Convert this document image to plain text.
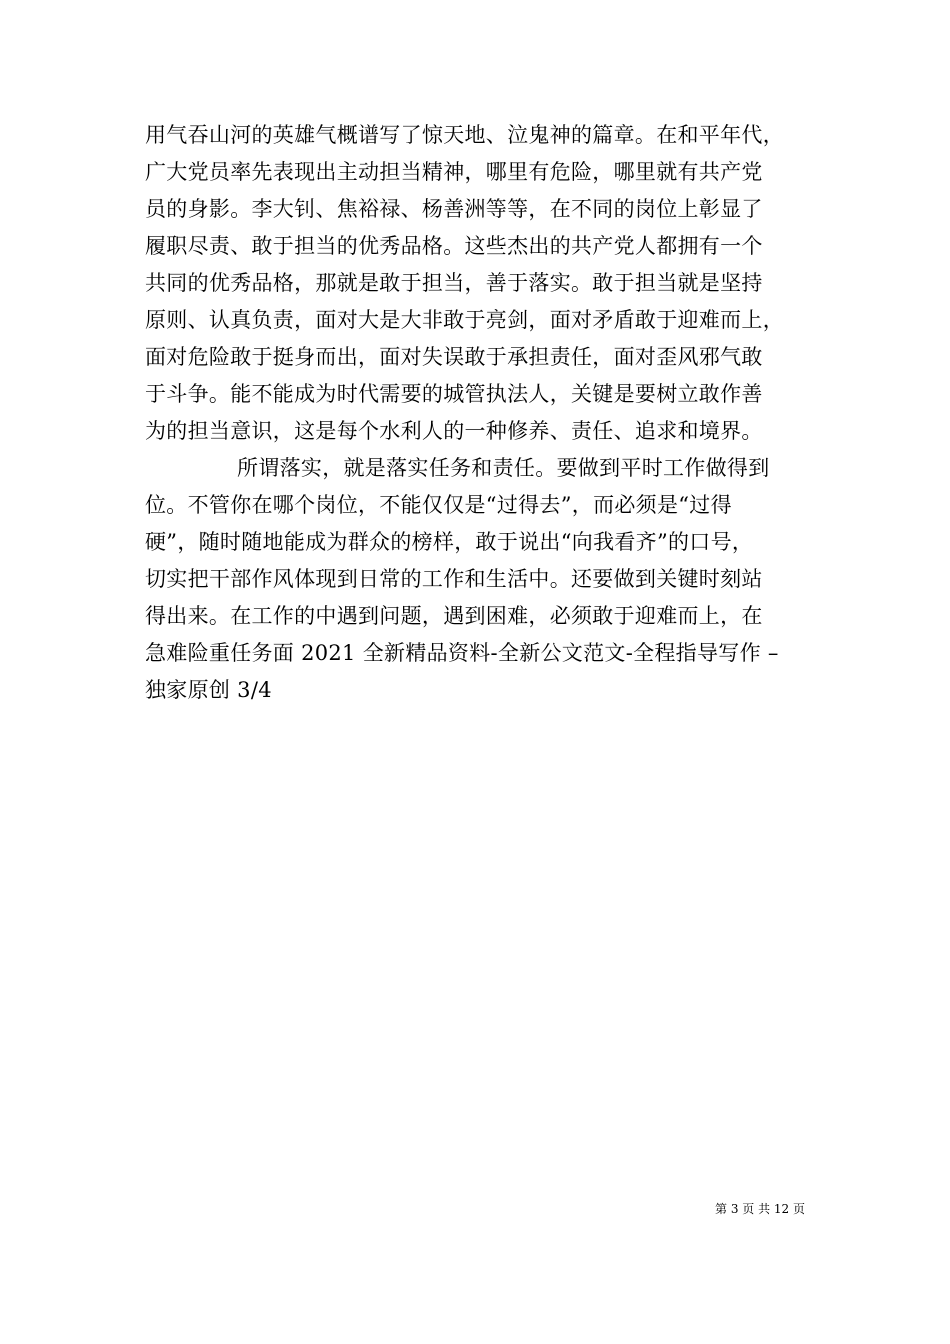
用气吞山河的英雄气概谱写了惊天地、泣鬼神的篇章。在和平年代，
广大党员率先表现出主动担当精神，哪里有危险，哪里就有共产党
员的身影。李大钊、焦裕禄、杨善洲等等，在不同的岗位上彰显了
履职尽责、敢于担当的优秀品格。这些杰出的共产党人都拥有一个
共同的优秀品格，那就是敢于担当，善于落实。敢于担当就是坚持
原则、认真负责，面对大是大非敢于亮剑，面对矛盾敢于迎难而上，
面对危险敢于挺身而出，面对失误敢于承担责任，面对歪风邪气敢
于斗争。能不能成为时代需要的城管执法人，关键是要树立敢作善
为的担当意识，这是每个水利人的一种修养、责任、追求和境界。
所谓落实，就是落实任务和责任。要做到平时工作做得到
位。不管你在哪个岗位，不能仅仅是“过得去”，而必须是“过得
硬”，随时随地能成为群众的榜样，敢于说出“向我看齐”的口号，
切实把干部作风体现到日常的工作和生活中。还要做到关键时刻站
得出来。在工作的中遇到问题，遇到困难，必须敢于迎难而上，在
急难险重任务面 2021 全新精品资料-全新公文范文-全程指导写作 –
独家原创 3/4
第 3 页 共 12 页
